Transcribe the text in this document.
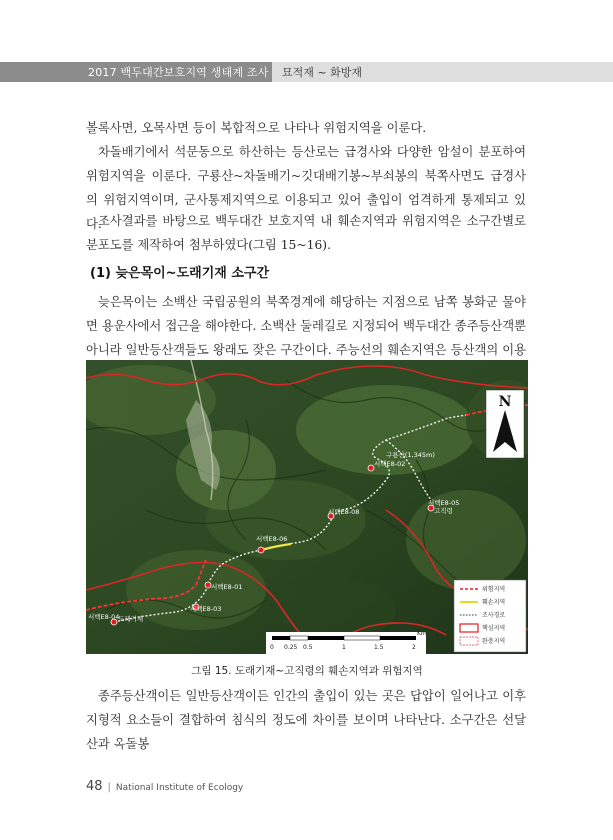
2017 백두대간보호지역 생태계 조사 묘적재 ~ 화방재

볼록사면, 오목사면 등이 복합적으로 나타나 위험지역을 이룬다.

차돌배기에서 석문동으로 하산하는 등산로는 급경사와 다양한 암설이 분포하여 위험지역을 이룬다. 구룡산~차돌배기~깃대배기봉~부쇠봉의 북쪽사면도 급경사의 위험지역이며, 군사통제지역으로 이용되고 있어 출입이 엄격하게 통제되고 있다.

조사결과를 바탕으로 백두대간 보호지역 내 훼손지역과 위험지역은 소구간별로 분포도를 제작하여 첨부하였다(그림 15~16).

(1) 늦은목이~도래기재 소구간

늦은목이는 소백산 국립공원의 북쪽경계에 해당하는 지점으로 남쪽 봉화군 물야면 용운사에서 접근을 해야한다. 소백산 둘레길로 지정되어 백두대간 종주등산객뿐 아니라 일반등산객들도 왕래도 잦은 구간이다. 주능선의 훼손지역은 등산객의 이용

구룡산(1,345m)
서백E8-02
서백E8-08
서백E8-06
서백E8-05
고직령
서백E8-01
서백E8-03
서백E8-04
도래기재
N
Km
0 0.25 0.5	1	1.5	2
위험지역
훼손지역
조사경로
핵심지역
완충지역
그림 15. 도래기재~고직령의 훼손지역과 위험지역

종주등산객이든 일반등산객이든 인간의 출입이 있는 곳은 답압이 일어나고 이후 지형적 요소들이 결합하여 침식의 정도에 차이를 보이며 나타난다. 소구간은 선달산과 옥돌봉

48 | National Institute of Ecology
